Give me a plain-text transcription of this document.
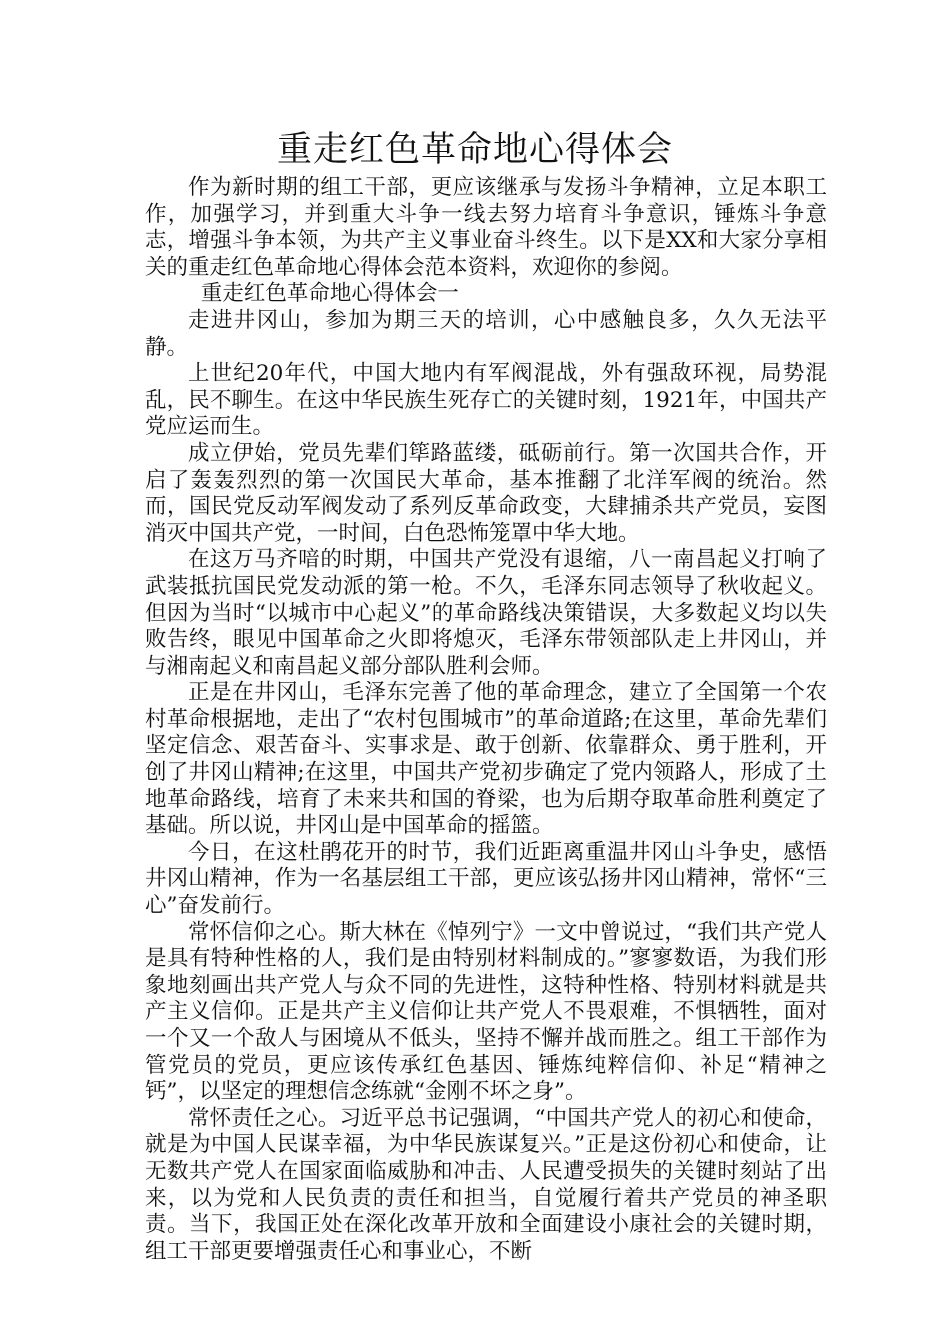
重走红色革命地心得体会

作为新时期的组工干部，更应该继承与发扬斗争精神，立足本职工作，加强学习，并到重大斗争一线去努力培育斗争意识，锤炼斗争意志，增强斗争本领，为共产主义事业奋斗终生。以下是XX和大家分享相关的重走红色革命地心得体会范本资料，欢迎你的参阅。

重走红色革命地心得体会一

走进井冈山，参加为期三天的培训，心中感触良多，久久无法平静。

上世纪20年代，中国大地内有军阀混战，外有强敌环视，局势混乱，民不聊生。在这中华民族生死存亡的关键时刻，1921年，中国共产党应运而生。

成立伊始，党员先辈们筚路蓝缕，砥砺前行。第一次国共合作，开启了轰轰烈烈的第一次国民大革命，基本推翻了北洋军阀的统治。然而，国民党反动军阀发动了系列反革命政变，大肆捕杀共产党员，妄图消灭中国共产党，一时间，白色恐怖笼罩中华大地。

在这万马齐喑的时期，中国共产党没有退缩，八一南昌起义打响了武装抵抗国民党发动派的第一枪。不久，毛泽东同志领导了秋收起义。但因为当时“以城市中心起义”的革命路线决策错误，大多数起义均以失败告终，眼见中国革命之火即将熄灭，毛泽东带领部队走上井冈山，并与湘南起义和南昌起义部分部队胜利会师。

正是在井冈山，毛泽东完善了他的革命理念，建立了全国第一个农村革命根据地，走出了“农村包围城市”的革命道路;在这里，革命先辈们坚定信念、艰苦奋斗、实事求是、敢于创新、依靠群众、勇于胜利，开创了井冈山精神;在这里，中国共产党初步确定了党内领路人，形成了土地革命路线，培育了未来共和国的脊梁，也为后期夺取革命胜利奠定了基础。所以说，井冈山是中国革命的摇篮。

今日，在这杜鹃花开的时节，我们近距离重温井冈山斗争史，感悟井冈山精神，作为一名基层组工干部，更应该弘扬井冈山精神，常怀“三心”奋发前行。

常怀信仰之心。斯大林在《悼列宁》一文中曾说过，“我们共产党人是具有特种性格的人，我们是由特别材料制成的。”寥寥数语，为我们形象地刻画出共产党人与众不同的先进性，这特种性格、特别材料就是共产主义信仰。正是共产主义信仰让共产党人不畏艰难，不惧牺牲，面对一个又一个敌人与困境从不低头，坚持不懈并战而胜之。组工干部作为管党员的党员，更应该传承红色基因、锤炼纯粹信仰、补足“精神之钙”，以坚定的理想信念练就“金刚不坏之身”。

常怀责任之心。习近平总书记强调，“中国共产党人的初心和使命，就是为中国人民谋幸福，为中华民族谋复兴。”正是这份初心和使命，让无数共产党人在国家面临威胁和冲击、人民遭受损失的关键时刻站了出来，以为党和人民负责的责任和担当，自觉履行着共产党员的神圣职责。当下，我国正处在深化改革开放和全面建设小康社会的关键时期，组工干部更要增强责任心和事业心，不断
